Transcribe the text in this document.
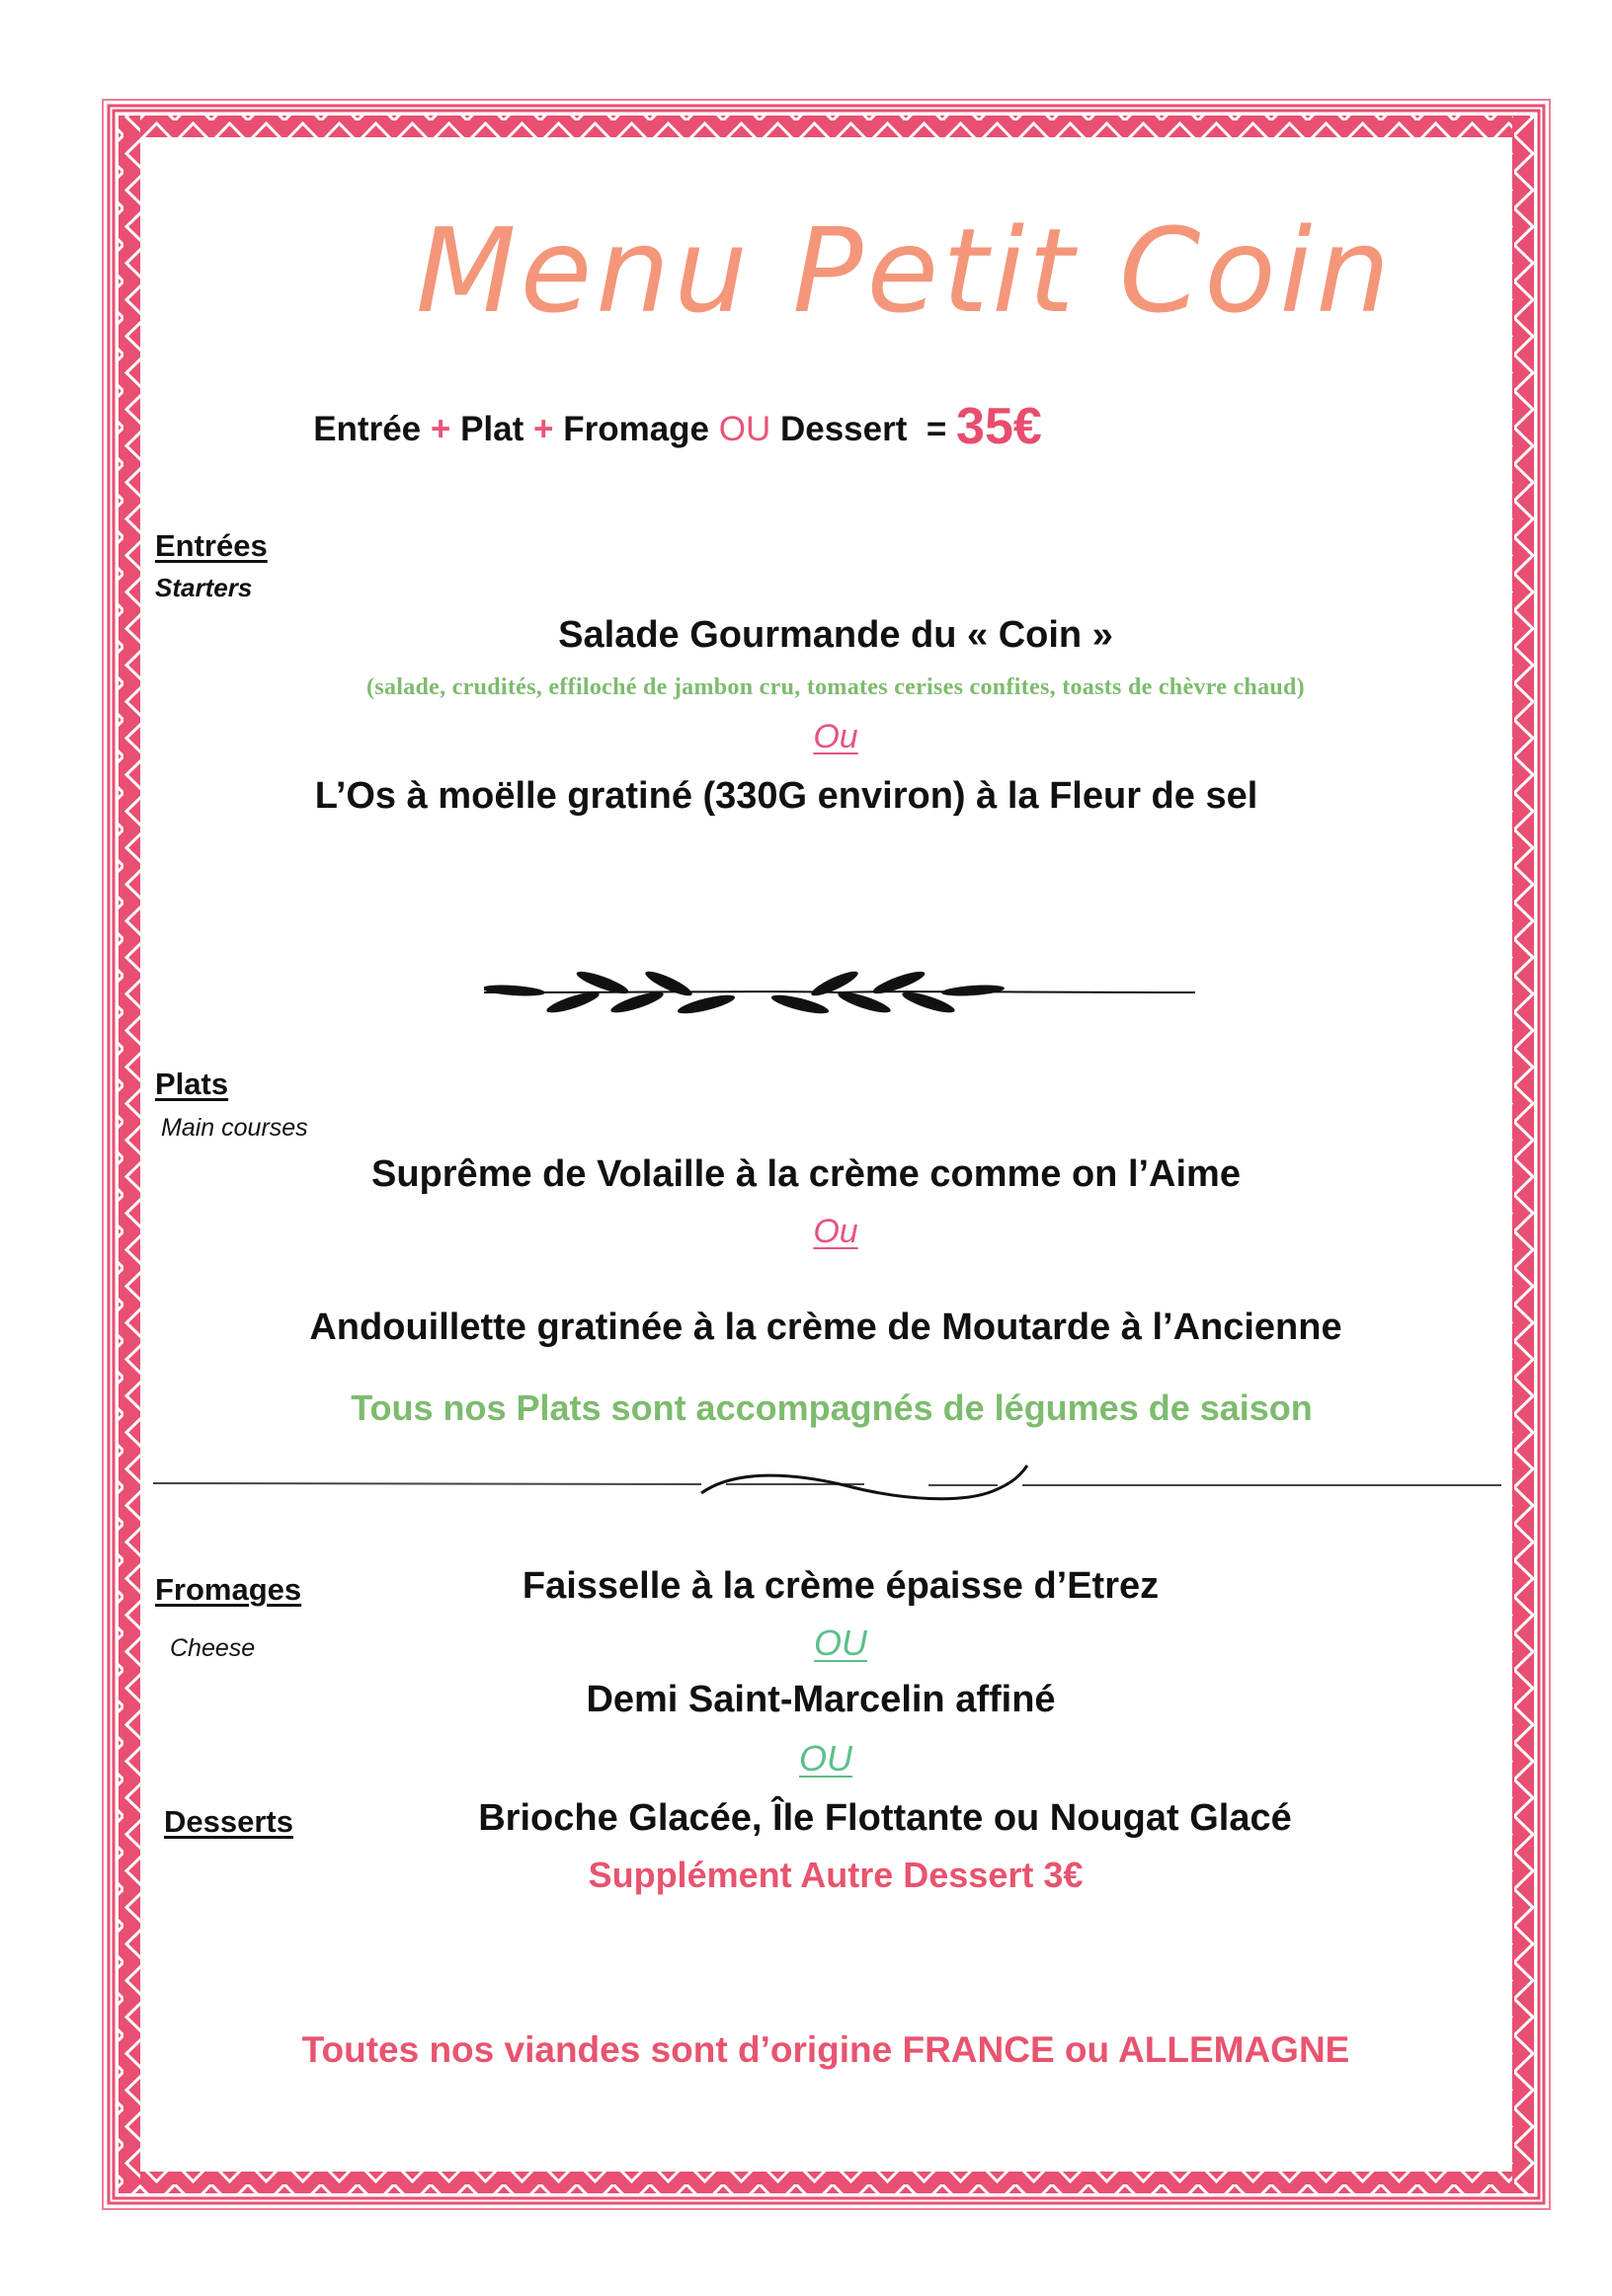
Menu Petit Coin
Entrée + Plat + Fromage OU Dessert = 35€
Entrées
Starters
Salade Gourmande du « Coin »
(salade, crudités, effiloché de jambon cru, tomates cerises confites, toasts de chèvre chaud)
Ou
L’Os à moëlle gratiné (330G environ) à la Fleur de sel
Plats
Main courses
Suprême de Volaille à la crème comme on l’Aime
Ou
Andouillette gratinée à la crème de Moutarde à l’Ancienne
Tous nos Plats sont accompagnés de légumes de saison
Fromages
Cheese
Faisselle à la crème épaisse d’Etrez
OU
Demi Saint-Marcelin affiné
OU
Desserts	Brioche Glacée, Île Flottante ou Nougat Glacé
Supplément Autre Dessert 3€
Toutes nos viandes sont d’origine FRANCE ou ALLEMAGNE
